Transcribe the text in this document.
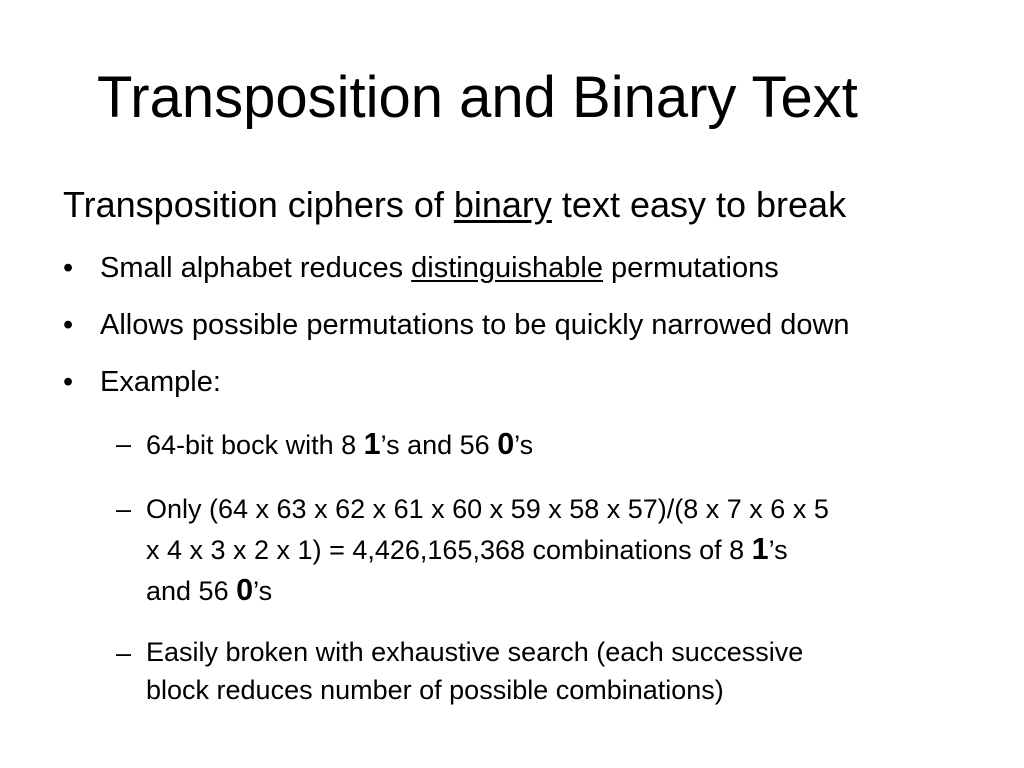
Transposition and Binary Text
Transposition ciphers of binary text easy to break
• Small alphabet reduces distinguishable permutations
• Allows possible permutations to be quickly narrowed down
• Example:
– 64-bit bock with 8 1’s and 56 0’s
– Only (64 x 63 x 62 x 61 x 60 x 59 x 58 x 57)/(8 x 7 x 6 x 5
x 4 x 3 x 2 x 1) = 4,426,165,368 combinations of 8 1’s
and 56 0’s
– Easily broken with exhaustive search (each successive
block reduces number of possible combinations)
